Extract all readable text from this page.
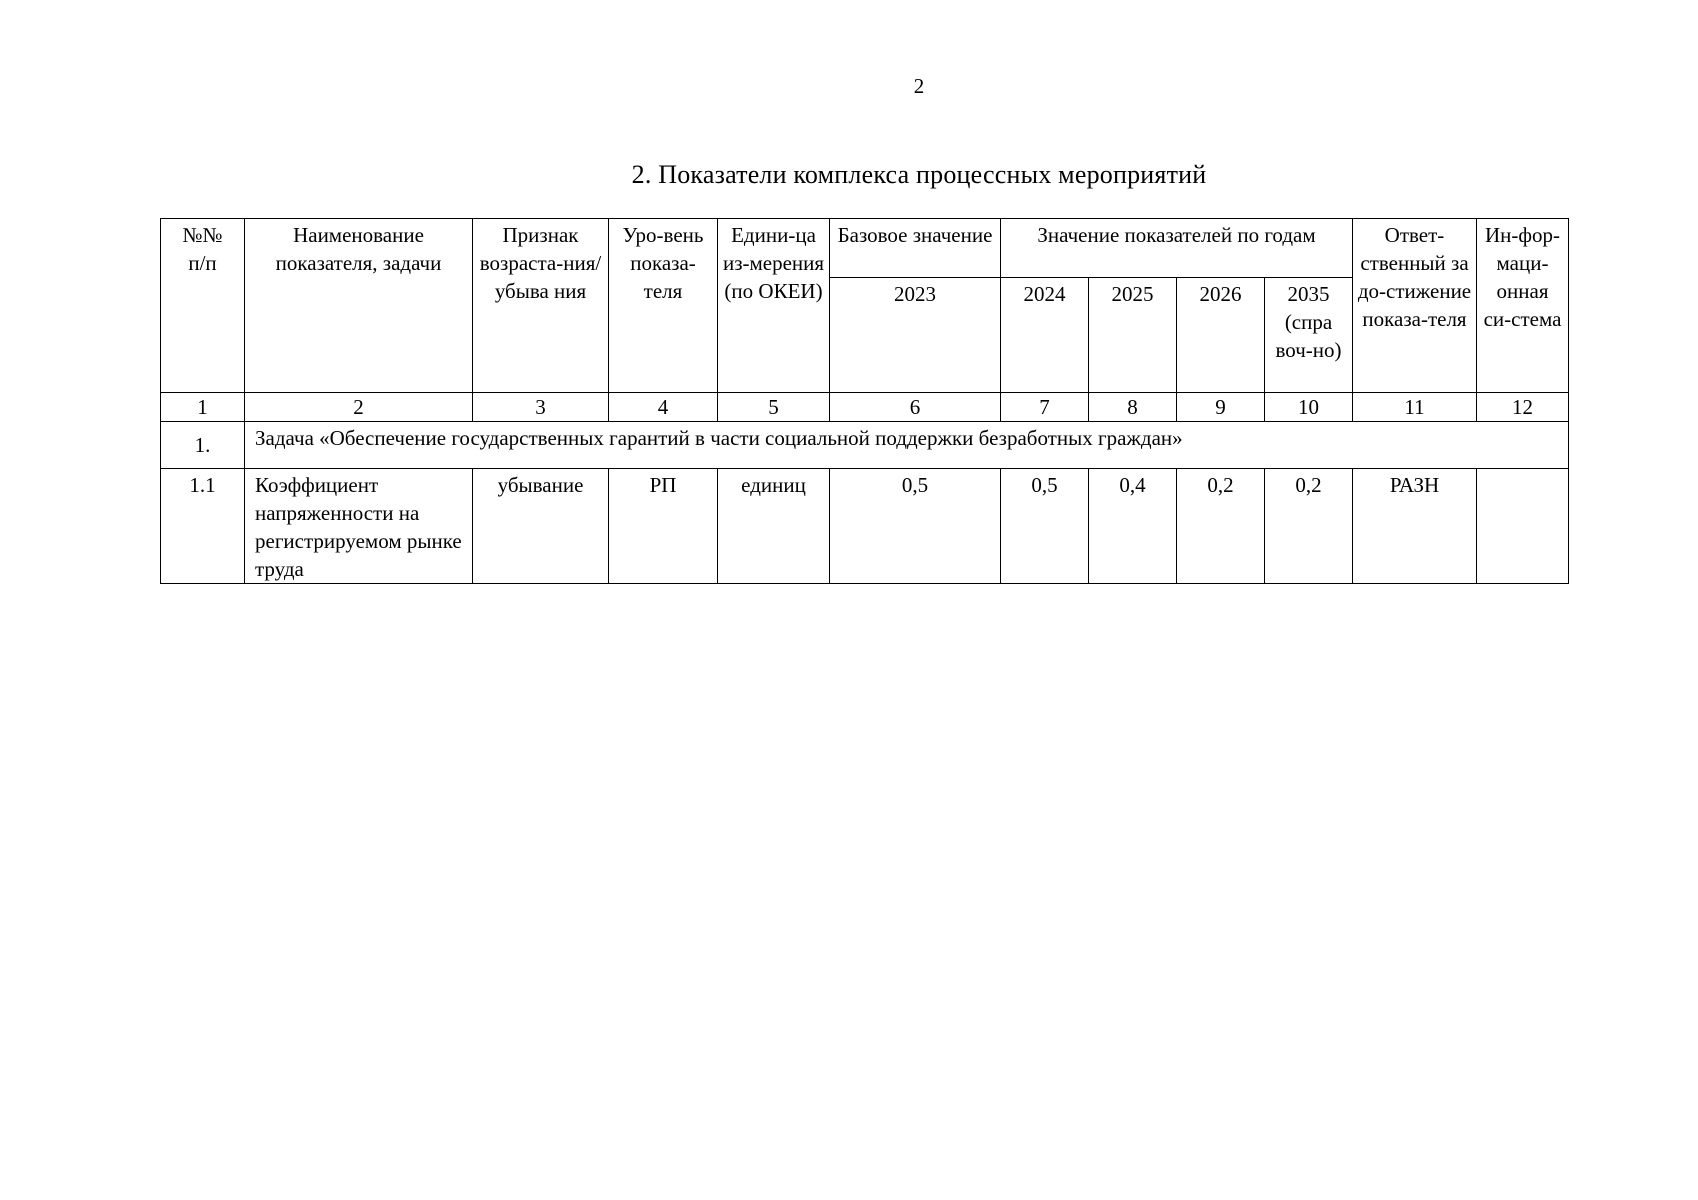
2
2. Показатели комплекса процессных мероприятий
№№
п/п	Наименование показателя, задачи	Признак возраста-ния/убыва ния	Уро-вень показа-теля	Едини-ца из-мерения (по ОКЕИ)	Базовое значение	Значение показателей по годам				Ответ-ственный за до-стижение показа-теля	Ин-фор-маци-онная си-стема
					2023	2024	2025	2026	2035 (спра воч-но)		
1	2	3	4	5	6	7	8	9	10	11	12
1.	Задача «Обеспечение государственных гарантий в части социальной поддержки безработных граждан»										
1.1	Коэффициент напряженности на регистрируемом рынке труда	убывание	РП	единиц	0,5	0,5	0,4	0,2	0,2	РАЗН	
